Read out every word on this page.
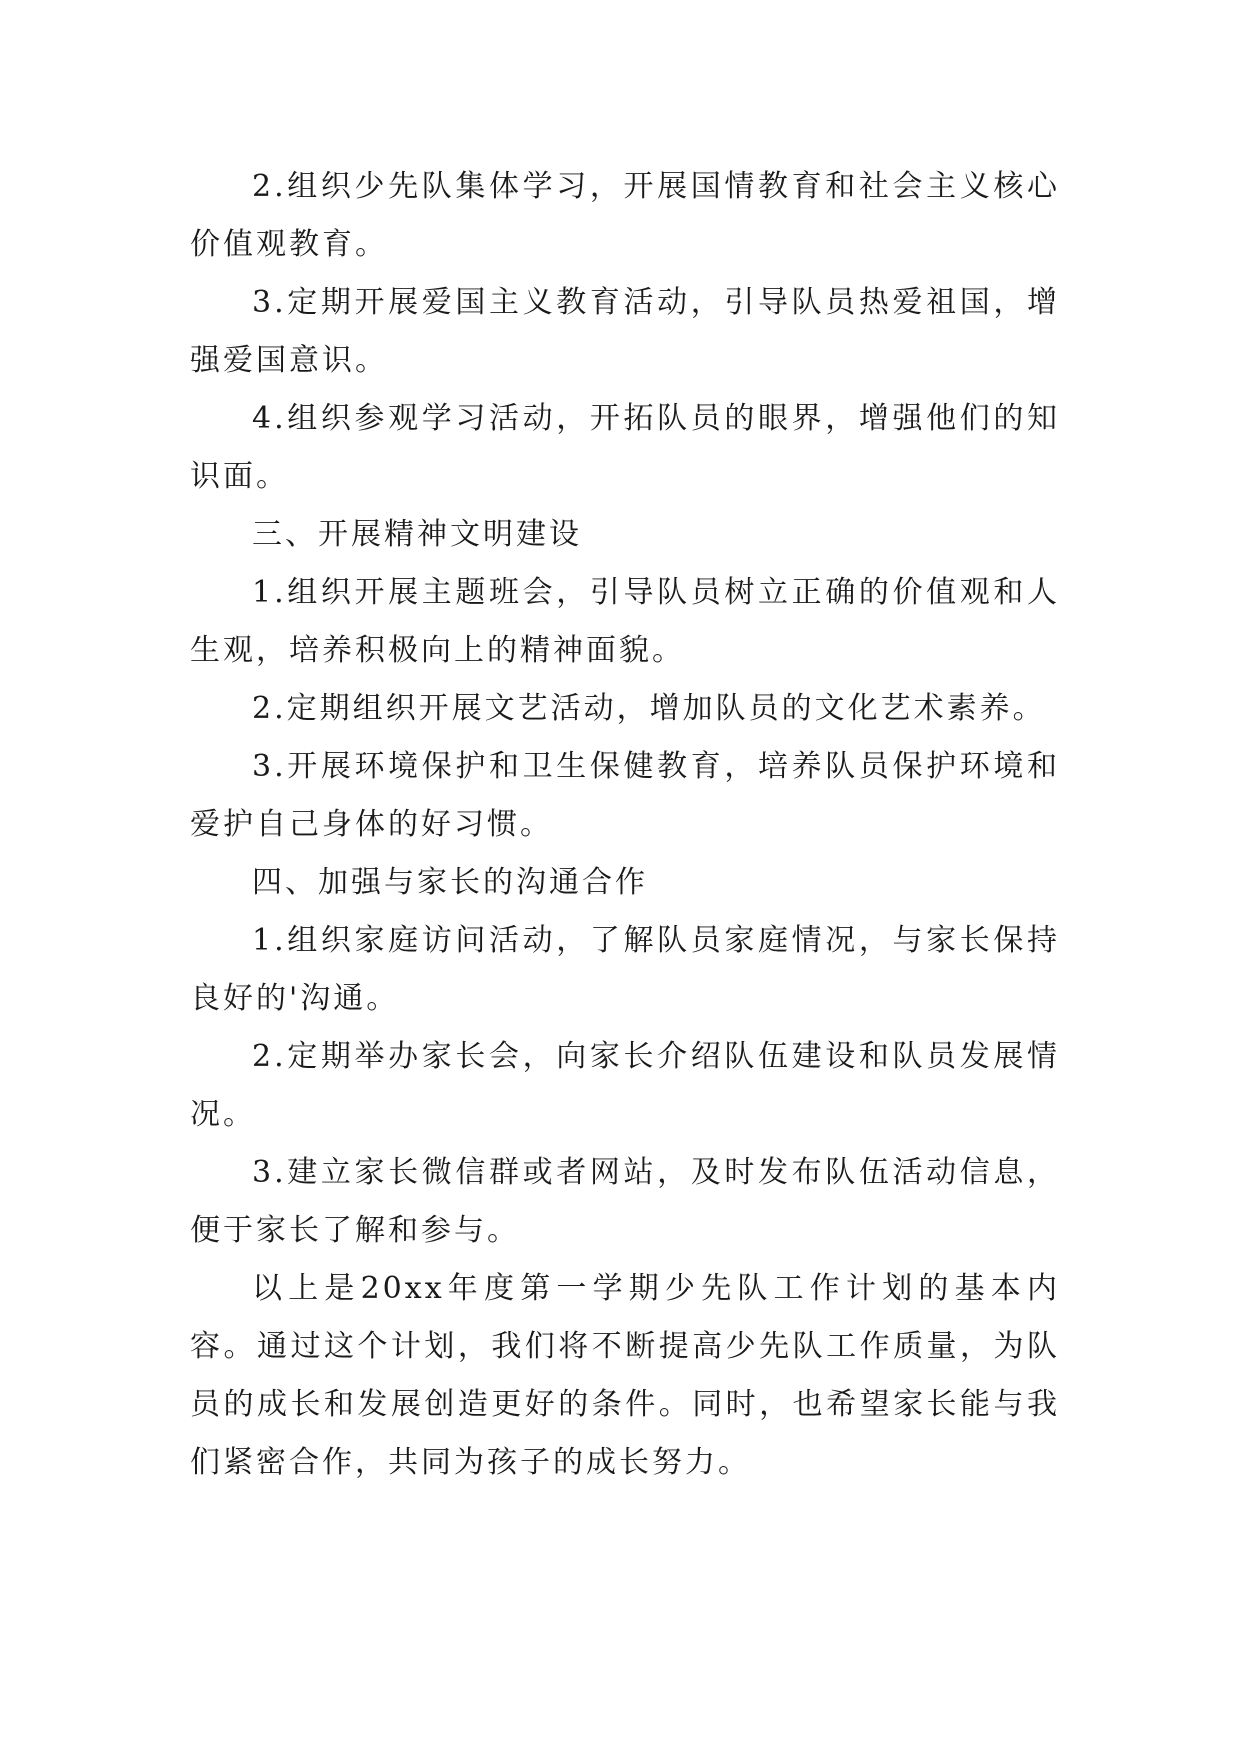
2.组织少先队集体学习，开展国情教育和社会主义核心价值观教育。

3.定期开展爱国主义教育活动，引导队员热爱祖国，增强爱国意识。

4.组织参观学习活动，开拓队员的眼界，增强他们的知识面。

三、开展精神文明建设

1.组织开展主题班会，引导队员树立正确的价值观和人生观，培养积极向上的精神面貌。

2.定期组织开展文艺活动，增加队员的文化艺术素养。

3.开展环境保护和卫生保健教育，培养队员保护环境和爱护自己身体的好习惯。

四、加强与家长的沟通合作

1.组织家庭访问活动，了解队员家庭情况，与家长保持良好的'沟通。

2.定期举办家长会，向家长介绍队伍建设和队员发展情况。

3.建立家长微信群或者网站，及时发布队伍活动信息，便于家长了解和参与。

以上是20xx年度第一学期少先队工作计划的基本内容。通过这个计划，我们将不断提高少先队工作质量，为队员的成长和发展创造更好的条件。同时，也希望家长能与我们紧密合作，共同为孩子的成长努力。
